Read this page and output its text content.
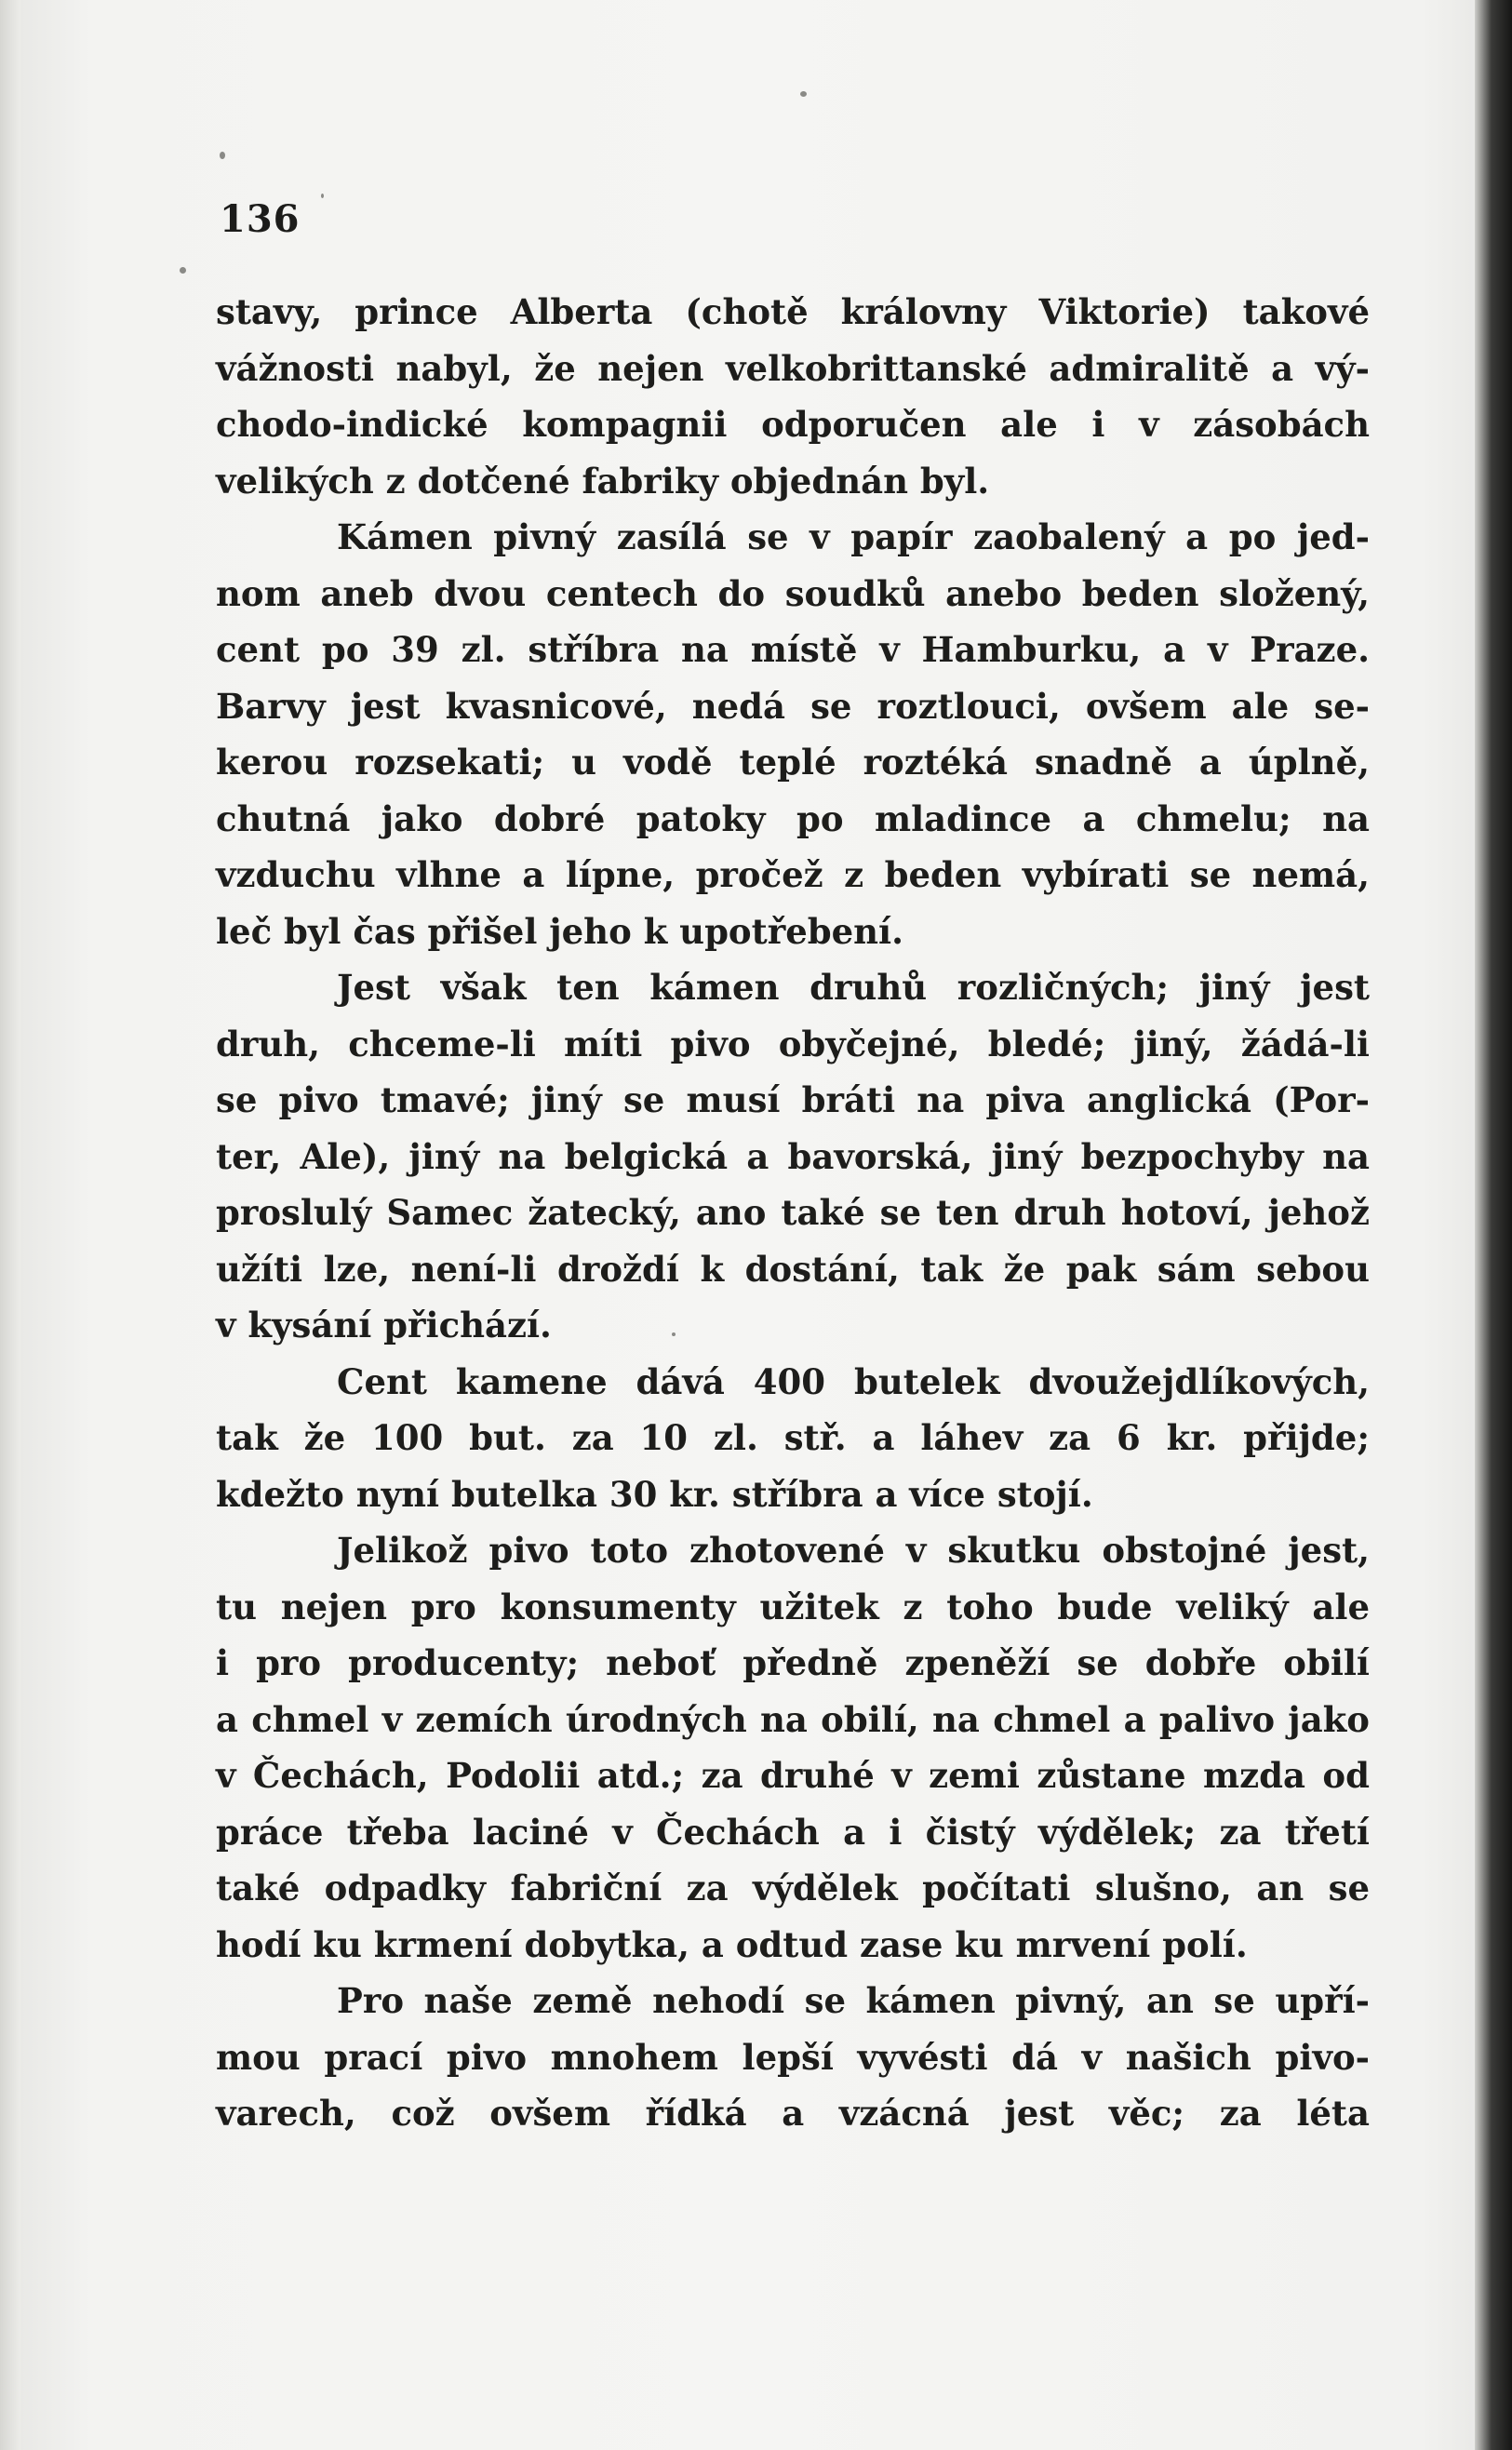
136
stavy, prince Alberta (chotě královny Viktorie) takové
vážnosti nabyl, že nejen velkobrittanské admiralitě a vý-
chodo-indické kompagnii odporučen ale i v zásobách
velikých z dotčené fabriky objednán byl.
Kámen pivný zasílá se v papír zaobalený a po jed-
nom aneb dvou centech do soudků anebo beden složený,
cent po 39 zl. stříbra na místě v Hamburku, a v Praze.
Barvy jest kvasnicové, nedá se roztlouci, ovšem ale se-
kerou rozsekati; u vodě teplé roztéká snadně a úplně,
chutná jako dobré patoky po mladince a chmelu; na
vzduchu vlhne a lípne, pročež z beden vybírati se nemá,
leč byl čas přišel jeho k upotřebení.
Jest však ten kámen druhů rozličných; jiný jest
druh, chceme-li míti pivo obyčejné, bledé; jiný, žádá-li
se pivo tmavé; jiný se musí bráti na piva anglická (Por-
ter, Ale), jiný na belgická a bavorská, jiný bezpochyby na
proslulý Samec žatecký, ano také se ten druh hotoví, jehož
užíti lze, není-li droždí k dostání, tak že pak sám sebou
v kysání přichází.
Cent kamene dává 400 butelek dvoužejdlíkových,
tak že 100 but. za 10 zl. stř. a láhev za 6 kr. přijde;
kdežto nyní butelka 30 kr. stříbra a více stojí.
Jelikož pivo toto zhotovené v skutku obstojné jest,
tu nejen pro konsumenty užitek z toho bude veliký ale
i pro producenty; neboť předně zpeněží se dobře obilí
a chmel v zemích úrodných na obilí, na chmel a palivo jako
v Čechách, Podolii atd.; za druhé v zemi zůstane mzda od
práce třeba laciné v Čechách a i čistý výdělek; za třetí
také odpadky fabriční za výdělek počítati slušno, an se
hodí ku krmení dobytka, a odtud zase ku mrvení polí.
Pro naše země nehodí se kámen pivný, an se upří-
mou prací pivo mnohem lepší vyvésti dá v našich pivo-
varech, což ovšem řídká a vzácná jest věc; za léta
